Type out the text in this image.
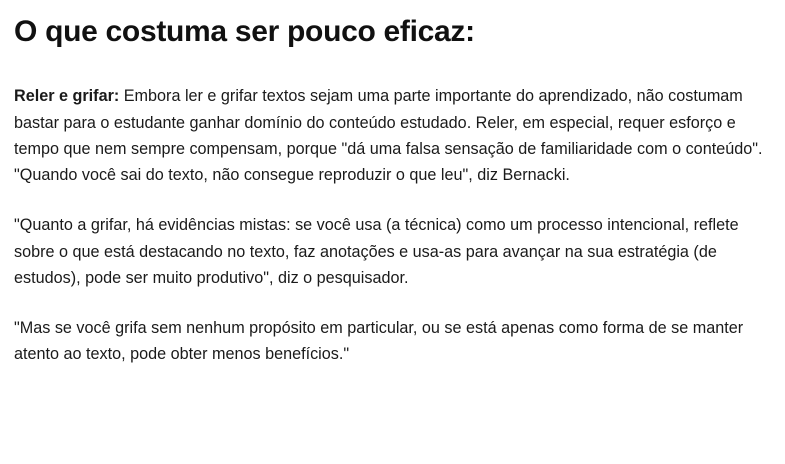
O que costuma ser pouco eficaz:

Reler e grifar: Embora ler e grifar textos sejam uma parte importante do aprendizado, não costumam bastar para o estudante ganhar domínio do conteúdo estudado. Reler, em especial, requer esforço e tempo que nem sempre compensam, porque "dá uma falsa sensação de familiaridade com o conteúdo". "Quando você sai do texto, não consegue reproduzir o que leu", diz Bernacki.

"Quanto a grifar, há evidências mistas: se você usa (a técnica) como um processo intencional, reflete sobre o que está destacando no texto, faz anotações e usa-as para avançar na sua estratégia (de estudos), pode ser muito produtivo", diz o pesquisador.

"Mas se você grifa sem nenhum propósito em particular, ou se está apenas como forma de se manter atento ao texto, pode obter menos benefícios."
